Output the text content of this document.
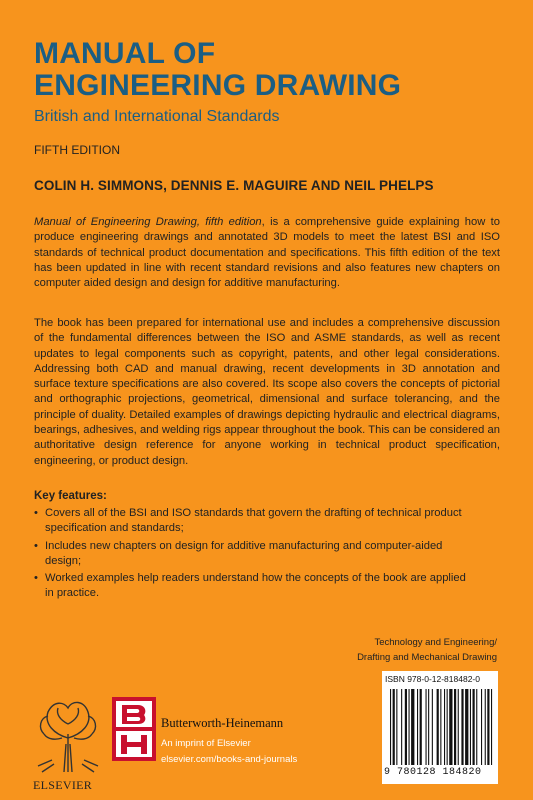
MANUAL OF
ENGINEERING DRAWING
British and International Standards
FIFTH EDITION
COLIN H. SIMMONS, DENNIS E. MAGUIRE AND NEIL PHELPS
Manual of Engineering Drawing, fifth edition, is a comprehensive guide explaining how to produce engineering drawings and annotated 3D models to meet the latest BSI and ISO standards of technical product documentation and specifications. This fifth edition of the text has been updated in line with recent standard revisions and also features new chapters on computer aided design and design for additive manufacturing.
The book has been prepared for international use and includes a comprehensive discussion of the fundamental differences between the ISO and ASME standards, as well as recent updates to legal components such as copyright, patents, and other legal considerations. Addressing both CAD and manual drawing, recent developments in 3D annotation and surface texture specifications are also covered. Its scope also covers the concepts of pictorial and orthographic projections, geometrical, dimensional and surface tolerancing, and the principle of duality. Detailed examples of drawings depicting hydraulic and electrical diagrams, bearings, adhesives, and welding rigs appear throughout the book. This can be considered an authoritative design reference for anyone working in technical product specification, engineering, or product design.
Key features:
• Covers all of the BSI and ISO standards that govern the drafting of technical product specification and standards;
• Includes new chapters on design for additive manufacturing and computer-aided design;
• Worked examples help readers understand how the concepts of the book are applied in practice.
Technology and Engineering/
Drafting and Mechanical Drawing
ISBN 978-0-12-818482-0
9 780128 184820
ELSEVIER
Butterworth-Heinemann
An imprint of Elsevier
elsevier.com/books-and-journals
